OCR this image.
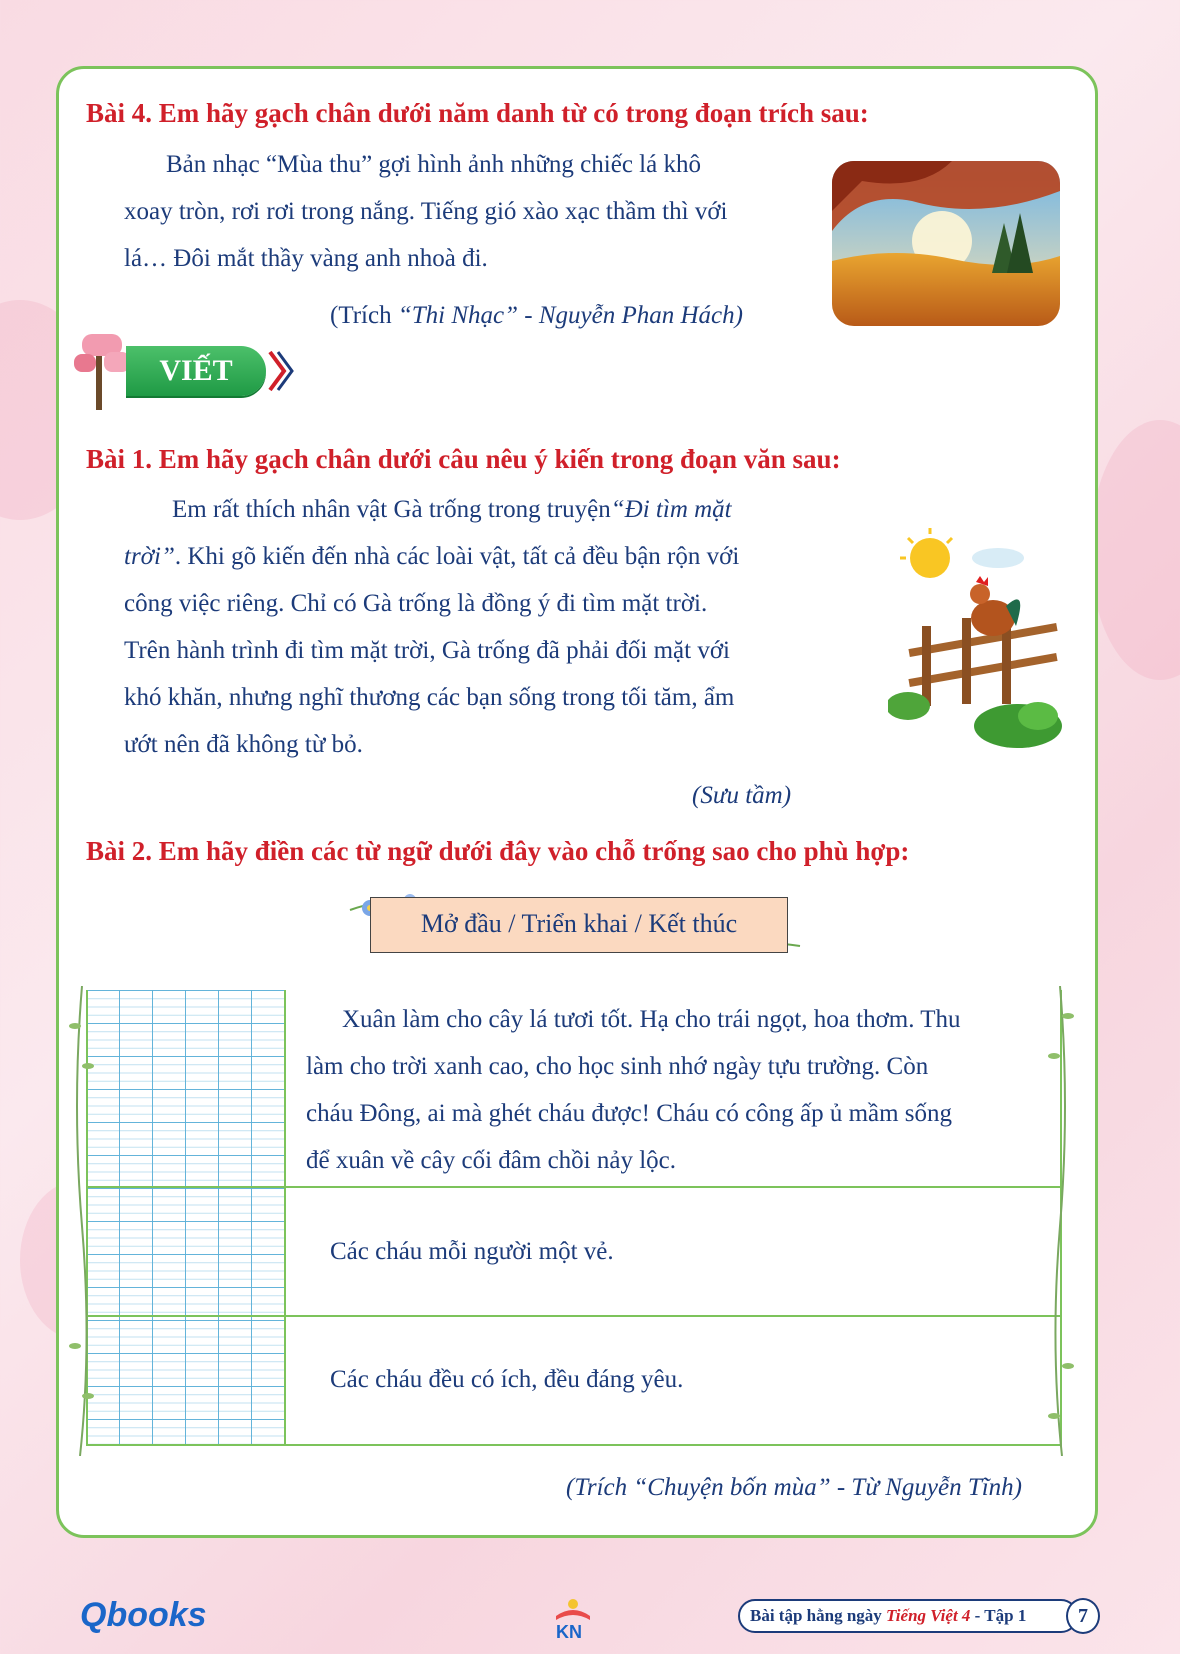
Bài 4. Em hãy gạch chân dưới năm danh từ có trong đoạn trích sau:
Bản nhạc “Mùa thu” gợi hình ảnh những chiếc lá khô
xoay tròn, rơi rơi trong nắng. Tiếng gió xào xạc thầm thì với
lá… Đôi mắt thầy vàng anh nhoà đi.

(Trích “Thi Nhạc” - Nguyễn Phan Hách)

VIẾT
Bài 1. Em hãy gạch chân dưới câu nêu ý kiến trong đoạn văn sau:
Em rất thích nhân vật Gà trống trong truyện“Đi tìm mặt
trời”. Khi gõ kiến đến nhà các loài vật, tất cả đều bận rộn với
công việc riêng. Chỉ có Gà trống là đồng ý đi tìm mặt trời.
Trên hành trình đi tìm mặt trời, Gà trống đã phải đối mặt với
khó khăn, nhưng nghĩ thương các bạn sống trong tối tăm, ẩm
ướt nên đã không từ bỏ.

(Sưu tầm)

Bài 2. Em hãy điền các từ ngữ dưới đây vào chỗ trống sao cho phù hợp:
Mở đầu / Triển khai / Kết thúc
Xuân làm cho cây lá tươi tốt. Hạ cho trái ngọt, hoa thơm. Thu
làm cho trời xanh cao, cho học sinh nhớ ngày tựu trường. Còn
cháu Đông, ai mà ghét cháu được! Cháu có công ấp ủ mầm sống
để xuân về cây cối đâm chồi nảy lộc.

Các cháu mỗi người một vẻ.

Các cháu đều có ích, đều đáng yêu.

(Trích “Chuyện bốn mùa” - Từ Nguyễn Tĩnh)

Qbooks	KN
Bài tập hằng ngày Tiếng Việt 4 - Tập 1	7
